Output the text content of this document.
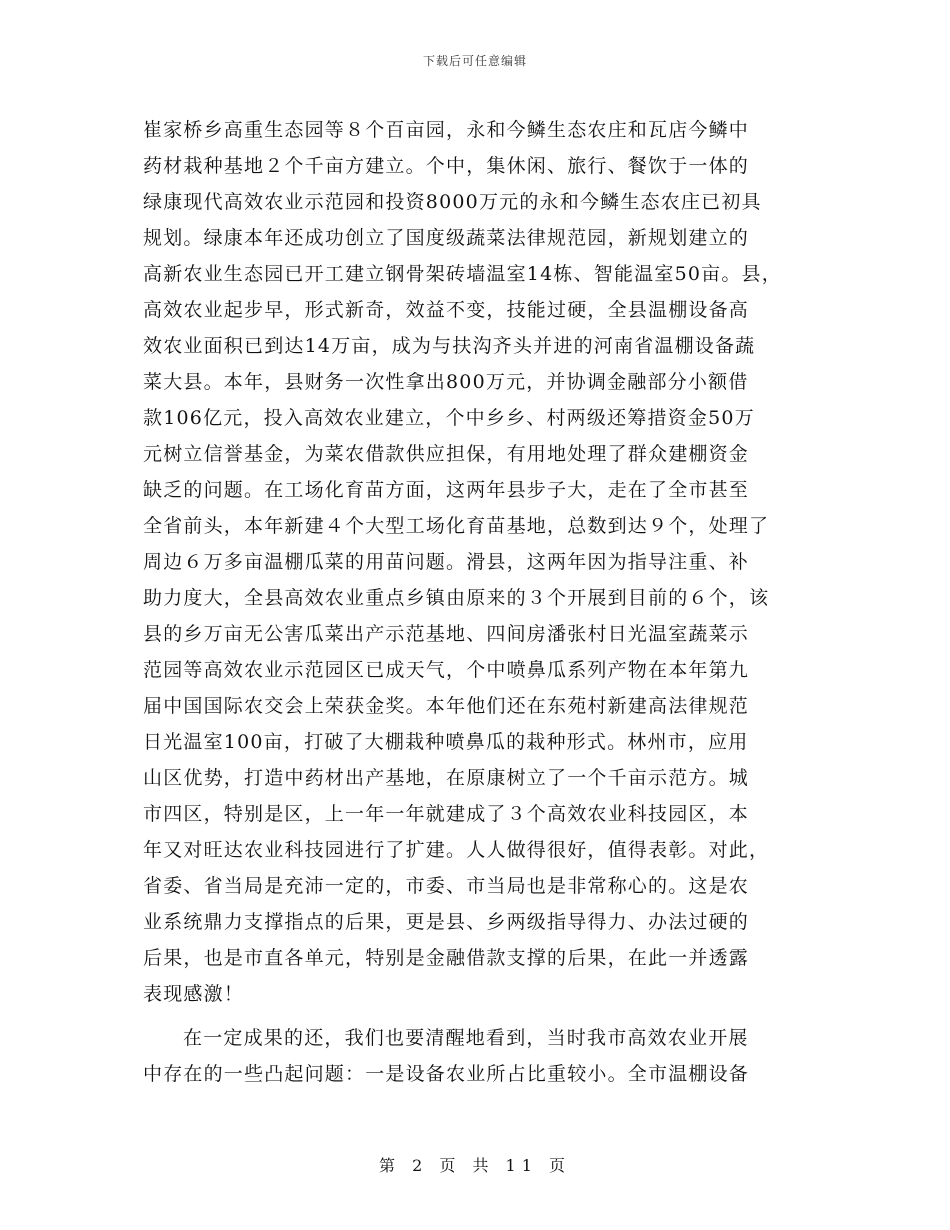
下载后可任意编辑
崔家桥乡高重生态园等８个百亩园，永和今鳞生态农庄和瓦店今鳞中
药材栽种基地２个千亩方建立。个中，集休闲、旅行、餐饮于一体的
绿康现代高效农业示范园和投资8000万元的永和今鳞生态农庄已初具
规划。绿康本年还成功创立了国度级蔬菜法律规范园，新规划建立的
高新农业生态园已开工建立钢骨架砖墙温室14栋、智能温室50亩。县，
高效农业起步早，形式新奇，效益不变，技能过硬，全县温棚设备高
效农业面积已到达14万亩，成为与扶沟齐头并进的河南省温棚设备蔬
菜大县。本年，县财务一次性拿出800万元，并协调金融部分小额借
款106亿元，投入高效农业建立，个中乡乡、村两级还筹措资金50万
元树立信誉基金，为菜农借款供应担保，有用地处理了群众建棚资金
缺乏的问题。在工场化育苗方面，这两年县步子大，走在了全市甚至
全省前头，本年新建４个大型工场化育苗基地，总数到达９个，处理了
周边６万多亩温棚瓜菜的用苗问题。滑县，这两年因为指导注重、补
助力度大，全县高效农业重点乡镇由原来的３个开展到目前的６个，该
县的乡万亩无公害瓜菜出产示范基地、四间房潘张村日光温室蔬菜示
范园等高效农业示范园区已成天气，个中喷鼻瓜系列产物在本年第九
届中国国际农交会上荣获金奖。本年他们还在东苑村新建高法律规范
日光温室100亩，打破了大棚栽种喷鼻瓜的栽种形式。林州市，应用
山区优势，打造中药材出产基地，在原康树立了一个千亩示范方。城
市四区，特别是区，上一年一年就建成了３个高效农业科技园区，本
年又对旺达农业科技园进行了扩建。人人做得很好，值得表彰。对此，
省委、省当局是充沛一定的，市委、市当局也是非常称心的。这是农
业系统鼎力支撑指点的后果，更是县、乡两级指导得力、办法过硬的
后果，也是市直各单元，特别是金融借款支撑的后果，在此一并透露
表现感激！
在一定成果的还，我们也要清醒地看到，当时我市高效农业开展
中存在的一些凸起问题：一是设备农业所占比重较小。全市温棚设备
第 2 页 共 11 页
